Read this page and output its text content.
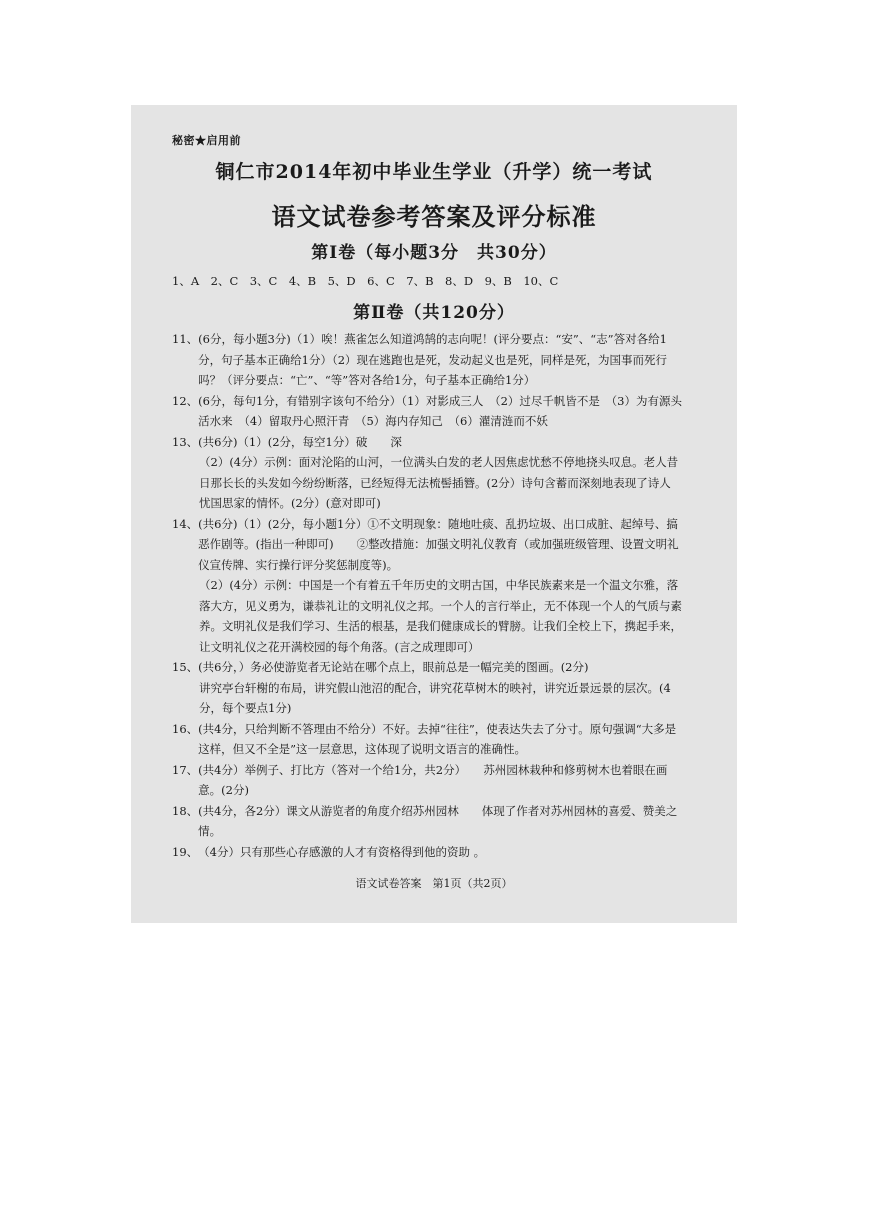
秘密★启用前
铜仁市2014年初中毕业生学业（升学）统一考试
语文试卷参考答案及评分标准
第Ⅰ卷（每小题3分　共30分）
1、A　2、C　3、C　4、B　5、D　6、C　7、B　8、D　9、B　10、C
第Ⅱ卷（共120分）
11、 (6分，每小题3分)（1）唉！燕雀怎么知道鸿鹄的志向呢！(评分要点：“安”、“志”答对各给1分，句子基本正确给1分）（2）现在逃跑也是死，发动起义也是死，同样是死，为国事而死行吗？（评分要点：“亡”、“等”答对各给1分，句子基本正确给1分）
12、 (6分，每句1分，有错别字该句不给分）（1）对影成三人　（2）过尽千帆皆不是　（3）为有源头活水来　（4）留取丹心照汗青　（5）海内存知己　（6）濯清涟而不妖
13、 (共6分)（1）(2分，每空1分）破　　深
（2）(4分）示例：面对沦陷的山河，一位满头白发的老人因焦虑忧愁不停地挠头叹息。老人昔日那长长的头发如今纷纷断落，已经短得无法梳髻插簪。(2分）诗句含蓄而深刻地表现了诗人忧国思家的情怀。(2分）(意对即可)
14、 (共6分)（1）(2分，每小题1分）①不文明现象：随地吐痰、乱扔垃圾、出口成脏、起绰号、搞恶作剧等。(指出一种即可)　　②整改措施：加强文明礼仪教育（或加强班级管理、设置文明礼仪宣传牌、实行操行评分奖惩制度等)。
（2）(4分）示例：中国是一个有着五千年历史的文明古国，中华民族素来是一个温文尔雅，落落大方，见义勇为，谦恭礼让的文明礼仪之邦。一个人的言行举止，无不体现一个人的气质与素养。文明礼仪是我们学习、生活的根基，是我们健康成长的臂膀。让我们全校上下，携起手来，让文明礼仪之花开满校园的每个角落。(言之成理即可）
15、 (共6分，）务必使游览者无论站在哪个点上，眼前总是一幅完美的图画。(2分)
讲究亭台轩榭的布局，讲究假山池沼的配合，讲究花草树木的映衬，讲究近景远景的层次。(4分，每个要点1分)
16、 (共4分，只给判断不答理由不给分）不好。去掉“往往”，使表达失去了分寸。原句强调“大多是这样，但又不全是”这一层意思，这体现了说明文语言的准确性。
17、 (共4分）举例子、打比方（答对一个给1分，共2分）　　苏州园林栽种和修剪树木也着眼在画意。(2分)
18、 (共4分，各2分）课文从游览者的角度介绍苏州园林　　体现了作者对苏州园林的喜爱、赞美之情。
19、 （4分）只有那些心存感激的人才有资格得到他的资助 。
语文试卷答案　第1页（共2页）
